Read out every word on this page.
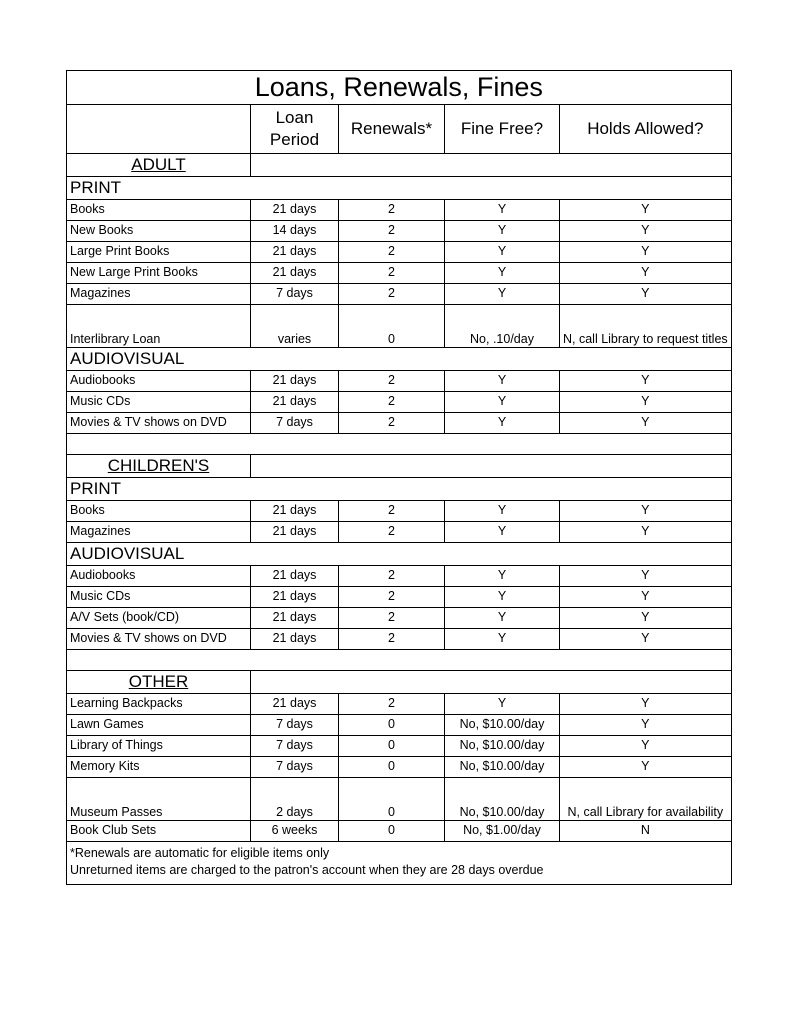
Loans, Renewals, Fines				
	Loan Period	Renewals*	Fine Free?	Holds Allowed?
ADULT				
PRINT				
Books	21 days	2	Y	Y
New Books	14 days	2	Y	Y
Large Print Books	21 days	2	Y	Y
New Large Print Books	21 days	2	Y	Y
Magazines	7 days	2	Y	Y
Interlibrary Loan	varies	0	No, .10/day	N, call Library to request titles
AUDIOVISUAL				
Audiobooks	21 days	2	Y	Y
Music CDs	21 days	2	Y	Y
Movies & TV shows on DVD	7 days	2	Y	Y

CHILDREN'S				
PRINT				
Books	21 days	2	Y	Y
Magazines	21 days	2	Y	Y
AUDIOVISUAL				
Audiobooks	21 days	2	Y	Y
Music CDs	21 days	2	Y	Y
A/V Sets (book/CD)	21 days	2	Y	Y
Movies & TV shows on DVD	21 days	2	Y	Y

OTHER				
Learning Backpacks	21 days	2	Y	Y
Lawn Games	7 days	0	No, $10.00/day	Y
Library of Things	7 days	0	No, $10.00/day	Y
Memory Kits	7 days	0	No, $10.00/day	Y
Museum Passes	2 days	0	No, $10.00/day	N, call Library for availability
Book Club Sets	6 weeks	0	No, $1.00/day	N
*Renewals are automatic for eligible items only				
Unreturned items are charged to the patron's account when they are 28 days overdue				
